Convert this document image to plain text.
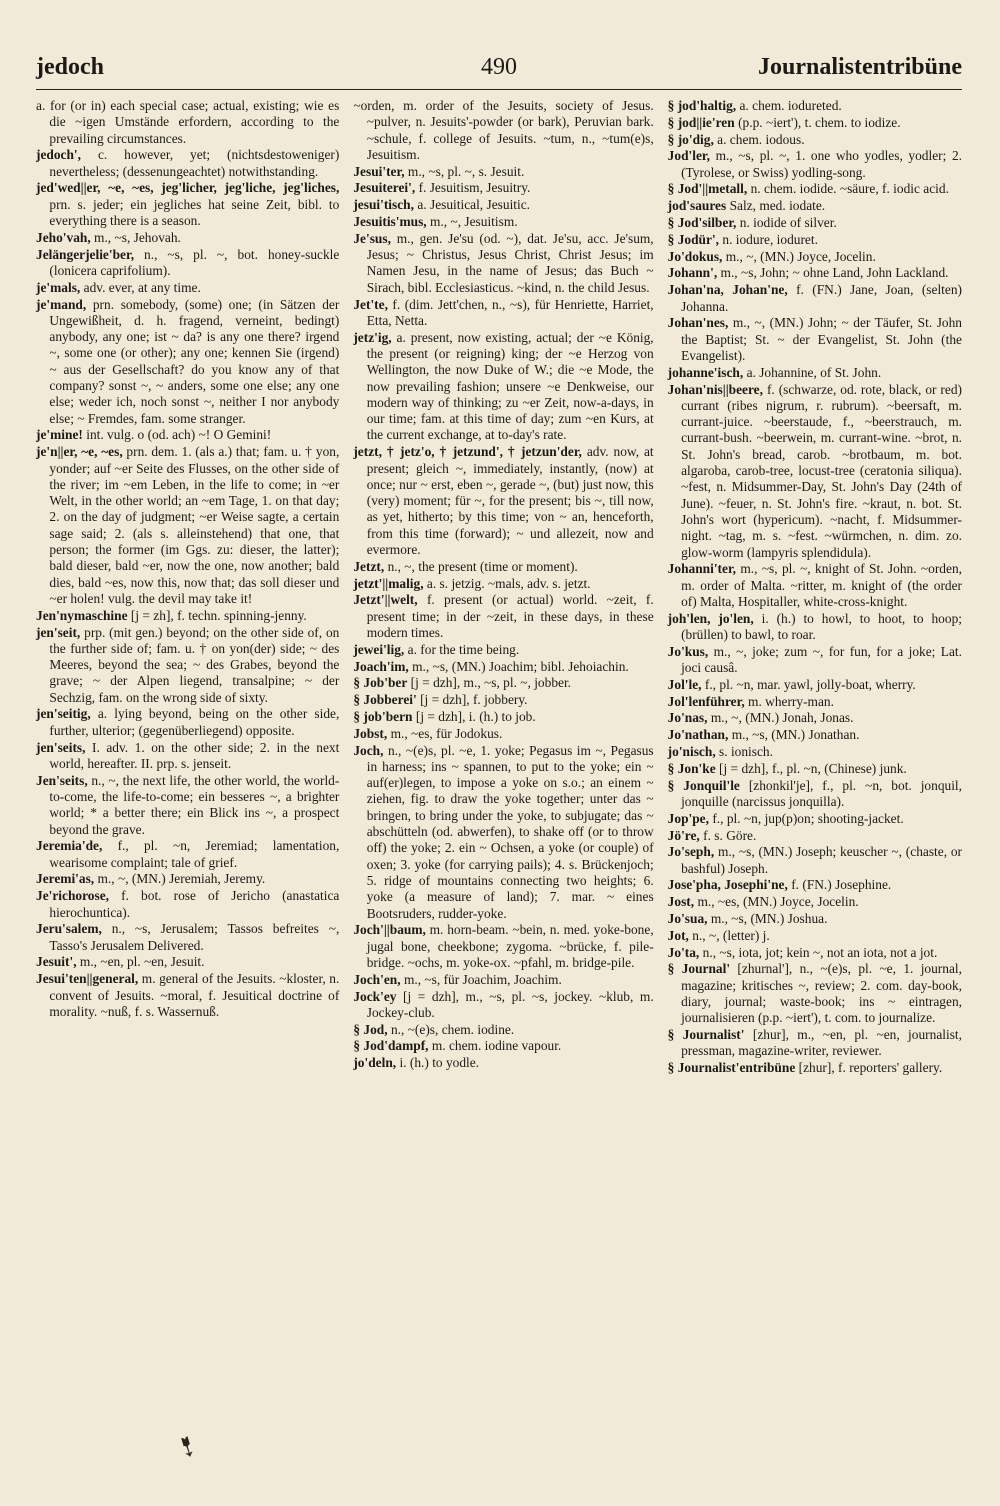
jedoch	490	Journalistentribüne
a. for (or in) each special case; actual, existing; wie es die ~igen Umstände erfordern, according to the prevailing circumstances.
jedoch', c. however, yet; (nichtsdestoweniger) nevertheless; (dessenungeachtet) notwithstanding.
jed'wed||er, ~e, ~es, jeg'licher, jeg'liche, jeg'liches, prn. s. jeder; ein jegliches hat seine Zeit, bibl. to everything there is a season.
Jeho'vah, m., ~s, Jehovah.
Jelängerjelie'ber, n., ~s, pl. ~, bot. honey-suckle (lonicera caprifolium).
je'mals, adv. ever, at any time.
je'mand, prn. somebody, (some) one; (in Sätzen der Ungewißheit, d. h. fragend, verneint, bedingt) anybody, any one; ist ~ da? is any one there? irgend ~, some one (or other); any one; kennen Sie (irgend) ~ aus der Gesellschaft? do you know any of that company? sonst ~, ~ anders, some one else; any one else; weder ich, noch sonst ~, neither I nor anybody else; ~ Fremdes, fam. some stranger.
je'mine! int. vulg. o (od. ach) ~! O Gemini!
je'n||er, ~e, ~es, prn. dem. 1. (als a.) that; fam. u. † yon, yonder; auf ~er Seite des Flusses, on the other side of the river; im ~em Leben, in the life to come; in ~er Welt, in the other world; an ~em Tage, 1. on that day; 2. on the day of judgment; ~er Weise sagte, a certain sage said; 2. (als s. alleinstehend) that one, that person; the former (im Ggs. zu: dieser, the latter); bald dieser, bald ~er, now the one, now another; bald dies, bald ~es, now this, now that; das soll dieser und ~er holen! vulg. the devil may take it!
Jen'nymaschine [j = zh], f. techn. spinning-jenny.
jen'seit, prp. (mit gen.) beyond; on the other side of, on the further side of; fam. u. † on yon(der) side; ~ des Meeres, beyond the sea; ~ des Grabes, beyond the grave; ~ der Alpen liegend, transalpine; ~ der Sechzig, fam. on the wrong side of sixty.
jen'seitig, a. lying beyond, being on the other side, further, ulterior; (gegenüberliegend) opposite.
jen'seits, I. adv. 1. on the other side; 2. in the next world, hereafter. II. prp. s. jenseit.
Jen'seits, n., ~, the next life, the other world, the world-to-come, the life-to-come; ein besseres ~, a brighter world; * a better there; ein Blick ins ~, a prospect beyond the grave.
Jeremia'de, f., pl. ~n, Jeremiad; lamentation, wearisome complaint; tale of grief.
Jeremi'as, m., ~, (MN.) Jeremiah, Jeremy.
Je'richorose, f. bot. rose of Jericho (anastatica hierochuntica).
Jeru'salem, n., ~s, Jerusalem; Tassos befreites ~, Tasso's Jerusalem Delivered.
Jesuit', m., ~en, pl. ~en, Jesuit.
Jesui'ten||general, m. general of the Jesuits. ~kloster, n. convent of Jesuits. ~moral, f. Jesuitical doctrine of morality. ~nuß, f. s. Wassernuß.
~orden, m. order of the Jesuits, society of Jesus. ~pulver, n. Jesuits'-powder (or bark), Peruvian bark. ~schule, f. college of Jesuits. ~tum, n., ~tum(e)s, Jesuitism.
Jesui'ter, m., ~s, pl. ~, s. Jesuit.
Jesuiterei', f. Jesuitism, Jesuitry.
jesui'tisch, a. Jesuitical, Jesuitic.
Jesuitis'mus, m., ~, Jesuitism.
Je'sus, m., gen. Je'su (od. ~), dat. Je'su, acc. Je'sum, Jesus; ~ Christus, Jesus Christ, Christ Jesus; im Namen Jesu, in the name of Jesus; das Buch ~ Sirach, bibl. Ecclesiasticus. ~kind, n. the child Jesus.
Jet'te, f. (dim. Jett'chen, n., ~s), für Henriette, Harriet, Etta, Netta.
jetz'ig, a. present, now existing, actual; der ~e König, the present (or reigning) king; der ~e Herzog von Wellington, the now Duke of W.; die ~e Mode, the now prevailing fashion; unsere ~e Denkweise, our modern way of thinking; zu ~er Zeit, now-a-days, in our time; fam. at this time of day; zum ~en Kurs, at the current exchange, at to-day's rate.
jetzt, † jetz'o, † jetzund', † jetzun'der, adv. now, at present; gleich ~, immediately, instantly, (now) at once; nur ~ erst, eben ~, gerade ~, (but) just now, this (very) moment; für ~, for the present; bis ~, till now, as yet, hitherto; by this time; von ~ an, henceforth, from this time (forward); ~ und allezeit, now and evermore.
Jetzt, n., ~, the present (time or moment).
jetzt'||malig, a. s. jetzig. ~mals, adv. s. jetzt.
Jetzt'||welt, f. present (or actual) world. ~zeit, f. present time; in der ~zeit, in these days, in these modern times.
jewei'lig, a. for the time being.
Joach'im, m., ~s, (MN.) Joachim; bibl. Jehoiachin.
§ Job'ber [j = dzh], m., ~s, pl. ~, jobber.
§ Jobberei' [j = dzh], f. jobbery.
§ job'bern [j = dzh], i. (h.) to job.
Jobst, m., ~es, für Jodokus.
Joch, n., ~(e)s, pl. ~e, 1. yoke; Pegasus im ~, Pegasus in harness; ins ~ spannen, to put to the yoke; ein ~ auf(er)legen, to impose a yoke on s.o.; an einem ~ ziehen, fig. to draw the yoke together; unter das ~ bringen, to bring under the yoke, to subjugate; das ~ abschütteln (od. abwerfen), to shake off (or to throw off) the yoke; 2. ein ~ Ochsen, a yoke (or couple) of oxen; 3. yoke (for carrying pails); 4. s. Brückenjoch; 5. ridge of mountains connecting two heights; 6. yoke (a measure of land); 7. mar. ~ eines Bootsruders, rudder-yoke.
Joch'||baum, m. horn-beam. ~bein, n. med. yoke-bone, jugal bone, cheekbone; zygoma. ~brücke, f. pile-bridge. ~ochs, m. yoke-ox. ~pfahl, m. bridge-pile.
Joch'en, m., ~s, für Joachim, Joachim.
Jock'ey [j = dzh], m., ~s, pl. ~s, jockey. ~klub, m. Jockey-club.
§ Jod, n., ~(e)s, chem. iodine.
§ Jod'dampf, m. chem. iodine vapour.
jo'deln, i. (h.) to yodle.
§ jod'haltig, a. chem. iodureted.
§ jod||ie'ren (p.p. ~iert'), t. chem. to iodize.
§ jo'dig, a. chem. iodous.
Jod'ler, m., ~s, pl. ~, 1. one who yodles, yodler; 2. (Tyrolese, or Swiss) yodling-song.
§ Jod'||metall, n. chem. iodide. ~säure, f. iodic acid.
jod'saures Salz, med. iodate.
§ Jod'silber, n. iodide of silver.
§ Jodür', n. iodure, ioduret.
Jo'dokus, m., ~, (MN.) Joyce, Jocelin.
Johann', m., ~s, John; ~ ohne Land, John Lackland.
Johan'na, Johan'ne, f. (FN.) Jane, Joan, (selten) Johanna.
Johan'nes, m., ~, (MN.) John; ~ der Täufer, St. John the Baptist; St. ~ der Evangelist, St. John (the Evangelist).
johanne'isch, a. Johannine, of St. John.
Johan'nis||beere, f. (schwarze, od. rote, black, or red) currant (ribes nigrum, r. rubrum). ~beersaft, m. currant-juice. ~beerstaude, f., ~beerstrauch, m. currant-bush. ~beerwein, m. currant-wine. ~brot, n. St. John's bread, carob. ~brotbaum, m. bot. algaroba, carob-tree, locust-tree (ceratonia siliqua). ~fest, n. Midsummer-Day, St. John's Day (24th of June). ~feuer, n. St. John's fire. ~kraut, n. bot. St. John's wort (hypericum). ~nacht, f. Midsummer-night. ~tag, m. s. ~fest. ~würmchen, n. dim. zo. glow-worm (lampyris splendidula).
Johanni'ter, m., ~s, pl. ~, knight of St. John. ~orden, m. order of Malta. ~ritter, m. knight of (the order of) Malta, Hospitaller, white-cross-knight.
joh'len, jo'len, i. (h.) to howl, to hoot, to hoop; (brüllen) to bawl, to roar.
Jo'kus, m., ~, joke; zum ~, for fun, for a joke; Lat. joci causâ.
Jol'le, f., pl. ~n, mar. yawl, jolly-boat, wherry.
Jol'lenführer, m. wherry-man.
Jo'nas, m., ~, (MN.) Jonah, Jonas.
Jo'nathan, m., ~s, (MN.) Jonathan.
jo'nisch, s. ionisch.
§ Jon'ke [j = dzh], f., pl. ~n, (Chinese) junk.
§ Jonquil'le [zhonkil'je], f., pl. ~n, bot. jonquil, jonquille (narcissus jonquilla).
Jop'pe, f., pl. ~n, jup(p)on; shooting-jacket.
Jö're, f. s. Göre.
Jo'seph, m., ~s, (MN.) Joseph; keuscher ~, (chaste, or bashful) Joseph.
Jose'pha, Josephi'ne, f. (FN.) Josephine.
Jost, m., ~es, (MN.) Joyce, Jocelin.
Jo'sua, m., ~s, (MN.) Joshua.
Jot, n., ~, (letter) j.
Jo'ta, n., ~s, iota, jot; kein ~, not an iota, not a jot.
§ Journal' [zhurnal'], n., ~(e)s, pl. ~e, 1. journal, magazine; kritisches ~, review; 2. com. day-book, diary, journal; waste-book; ins ~ eintragen, journalisieren (p.p. ~iert'), t. com. to journalize.
§ Journalist' [zhur], m., ~en, pl. ~en, journalist, pressman, magazine-writer, reviewer.
§ Journalist'entribüne [zhur], f. reporters' gallery.
➷
